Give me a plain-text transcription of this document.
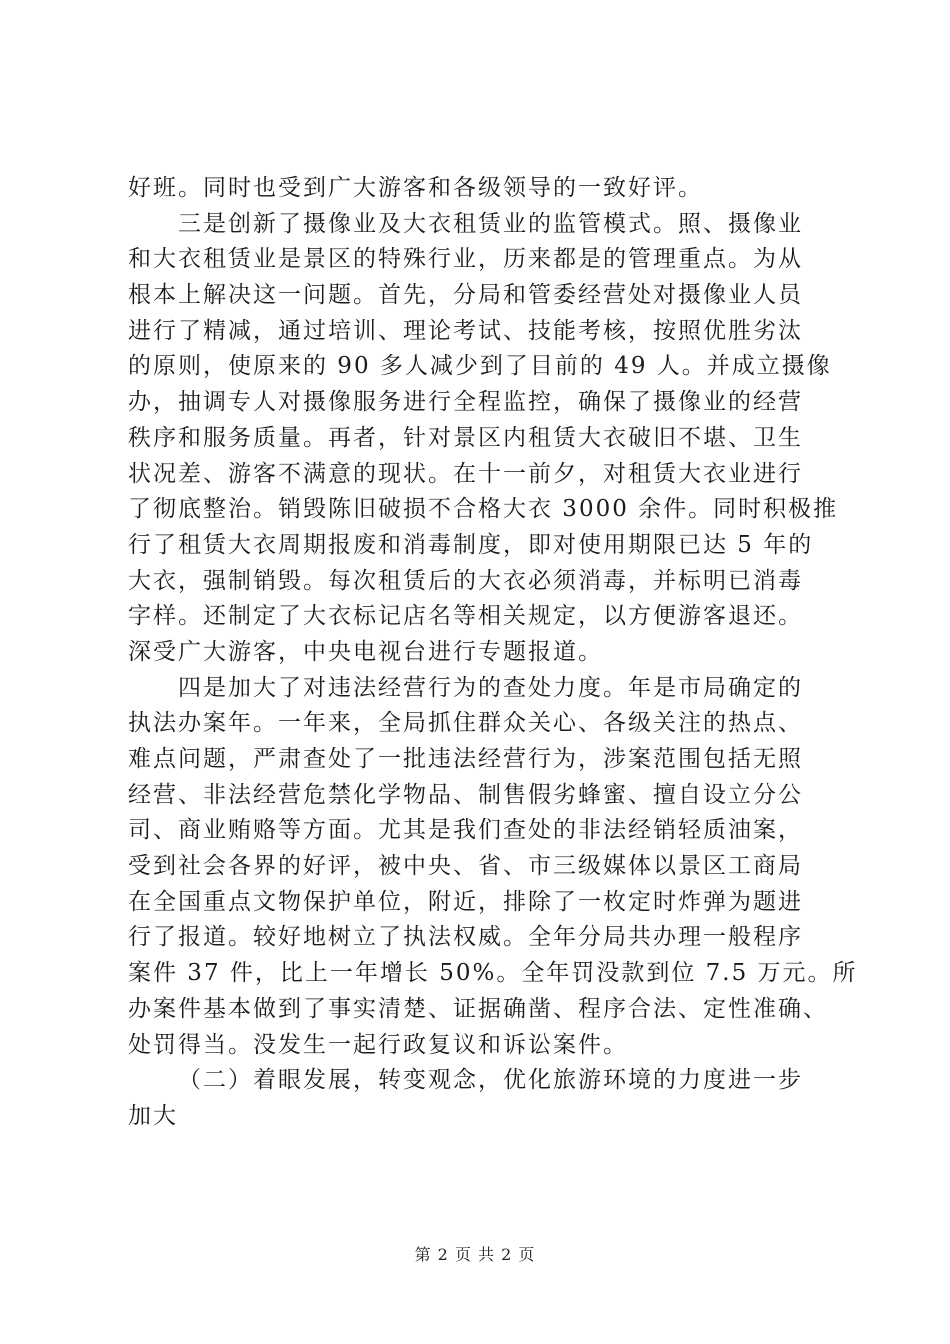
好班。同时也受到广大游客和各级领导的一致好评。
三是创新了摄像业及大衣租赁业的监管模式。照、摄像业
和大衣租赁业是景区的特殊行业，历来都是的管理重点。为从
根本上解决这一问题。首先，分局和管委经营处对摄像业人员
进行了精减，通过培训、理论考试、技能考核，按照优胜劣汰
的原则，使原来的 90 多人减少到了目前的 49 人。并成立摄像
办，抽调专人对摄像服务进行全程监控，确保了摄像业的经营
秩序和服务质量。再者，针对景区内租赁大衣破旧不堪、卫生
状况差、游客不满意的现状。在十一前夕，对租赁大衣业进行
了彻底整治。销毁陈旧破损不合格大衣 3000 余件。同时积极推
行了租赁大衣周期报废和消毒制度，即对使用期限已达 5 年的
大衣，强制销毁。每次租赁后的大衣必须消毒，并标明已消毒
字样。还制定了大衣标记店名等相关规定，以方便游客退还。
深受广大游客，中央电视台进行专题报道。
四是加大了对违法经营行为的查处力度。年是市局确定的
执法办案年。一年来，全局抓住群众关心、各级关注的热点、
难点问题，严肃查处了一批违法经营行为，涉案范围包括无照
经营、非法经营危禁化学物品、制售假劣蜂蜜、擅自设立分公
司、商业贿赂等方面。尤其是我们查处的非法经销轻质油案，
受到社会各界的好评，被中央、省、市三级媒体以景区工商局
在全国重点文物保护单位，附近，排除了一枚定时炸弹为题进
行了报道。较好地树立了执法权威。全年分局共办理一般程序
案件 37 件，比上一年增长 50%。全年罚没款到位 7.5 万元。所
办案件基本做到了事实清楚、证据确凿、程序合法、定性准确、
处罚得当。没发生一起行政复议和诉讼案件。
（二）着眼发展，转变观念，优化旅游环境的力度进一步
加大
第 2 页 共 2 页
